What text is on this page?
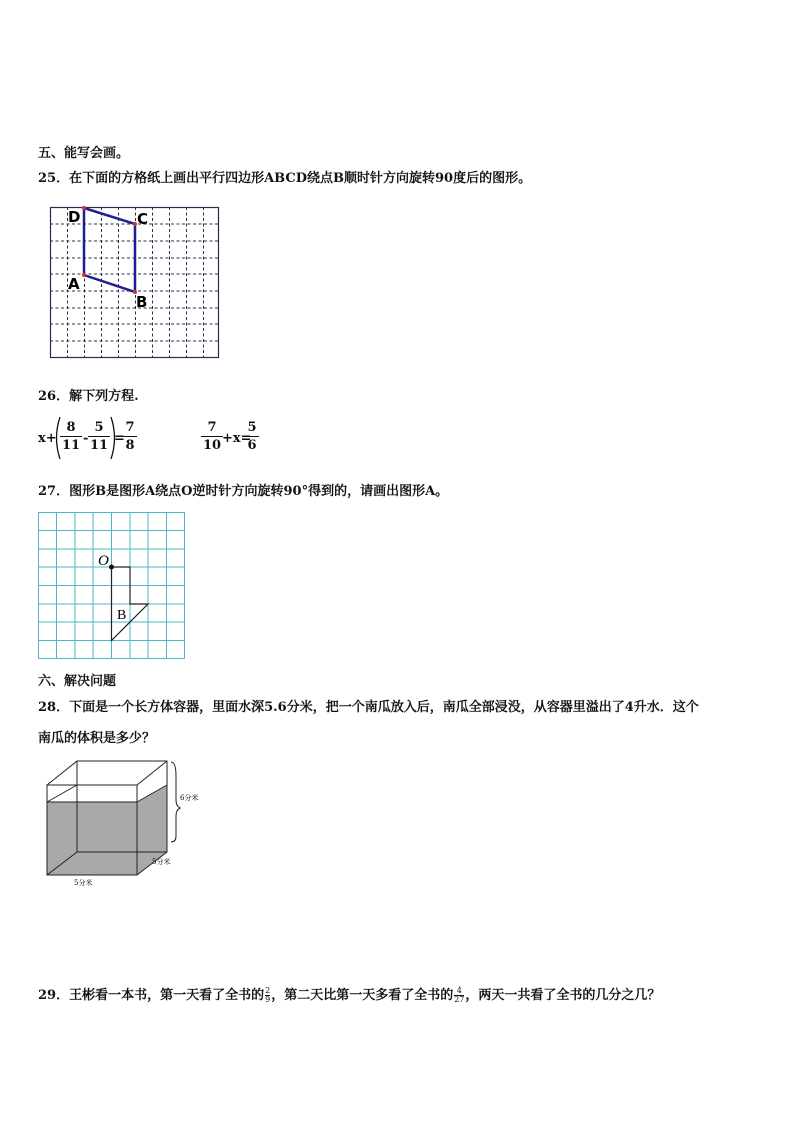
五、能写会画。
25．在下面的方格纸上画出平行四边形ABCD绕点B顺时针方向旋转90度后的图形。
D	C
A
B
26．解下列方程.
x+
8
11 -
5
11 =
7
8
7
10 +x=
5
6
27．图形B是图形A绕点O逆时针方向旋转90°得到的，请画出图形A。
O
B
六、解决问题
28．下面是一个长方体容器，里面水深5.6分米，把一个南瓜放入后，南瓜全部浸没，从容器里溢出了4升水．这个
南瓜的体积是多少？
6分米
5分米
5分米
29．王彬看一本书，第一天看了全书的$\frac{2}{9}$，第二天比第一天多看了全书的$\frac{4}{27}$，两天一共看了全书的几分之几？
